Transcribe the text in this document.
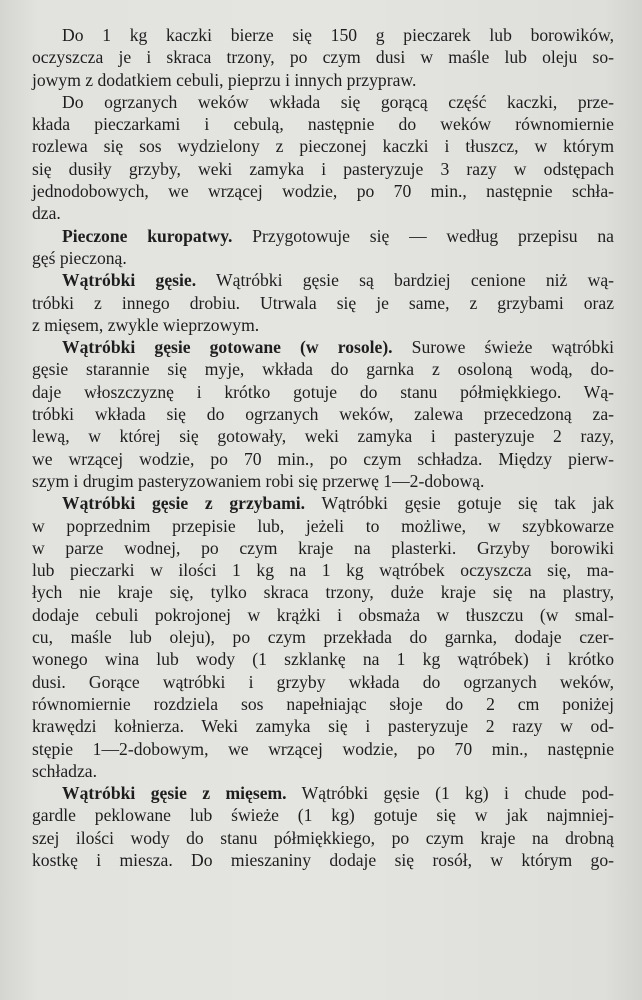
Do 1 kg kaczki bierze się 150 g pieczarek lub borowików,
oczyszcza je i skraca trzony, po czym dusi w maśle lub oleju so-
jowym z dodatkiem cebuli, pieprzu i innych przypraw.
Do ogrzanych weków wkłada się gorącą część kaczki, prze-
kłada pieczarkami i cebulą, następnie do weków równomiernie
rozlewa się sos wydzielony z pieczonej kaczki i tłuszcz, w którym
się dusiły grzyby, weki zamyka i pasteryzuje 3 razy w odstępach
jednodobowych, we wrzącej wodzie, po 70 min., następnie schła-
dza.
Pieczone kuropatwy. Przygotowuje się — według przepisu na
gęś pieczoną.
Wątróbki gęsie. Wątróbki gęsie są bardziej cenione niż wą-
tróbki z innego drobiu. Utrwala się je same, z grzybami oraz
z mięsem, zwykle wieprzowym.
Wątróbki gęsie gotowane (w rosole). Surowe świeże wątróbki
gęsie starannie się myje, wkłada do garnka z osoloną wodą, do-
daje włoszczyznę i krótko gotuje do stanu półmiękkiego. Wą-
tróbki wkłada się do ogrzanych weków, zalewa przecedzoną za-
lewą, w której się gotowały, weki zamyka i pasteryzuje 2 razy,
we wrzącej wodzie, po 70 min., po czym schładza. Między pierw-
szym i drugim pasteryzowaniem robi się przerwę 1—2-dobową.
Wątróbki gęsie z grzybami. Wątróbki gęsie gotuje się tak jak
w poprzednim przepisie lub, jeżeli to możliwe, w szybkowarze
w parze wodnej, po czym kraje na plasterki. Grzyby borowiki
lub pieczarki w ilości 1 kg na 1 kg wątróbek oczyszcza się, ma-
łych nie kraje się, tylko skraca trzony, duże kraje się na plastry,
dodaje cebuli pokrojonej w krążki i obsmaża w tłuszczu (w smal-
cu, maśle lub oleju), po czym przekłada do garnka, dodaje czer-
wonego wina lub wody (1 szklankę na 1 kg wątróbek) i krótko
dusi. Gorące wątróbki i grzyby wkłada do ogrzanych weków,
równomiernie rozdziela sos napełniając słoje do 2 cm poniżej
krawędzi kołnierza. Weki zamyka się i pasteryzuje 2 razy w od-
stępie 1—2-dobowym, we wrzącej wodzie, po 70 min., następnie
schładza.
Wątróbki gęsie z mięsem. Wątróbki gęsie (1 kg) i chude pod-
gardle peklowane lub świeże (1 kg) gotuje się w jak najmniej-
szej ilości wody do stanu półmiękkiego, po czym kraje na drobną
kostkę i miesza. Do mieszaniny dodaje się rosół, w którym go-
